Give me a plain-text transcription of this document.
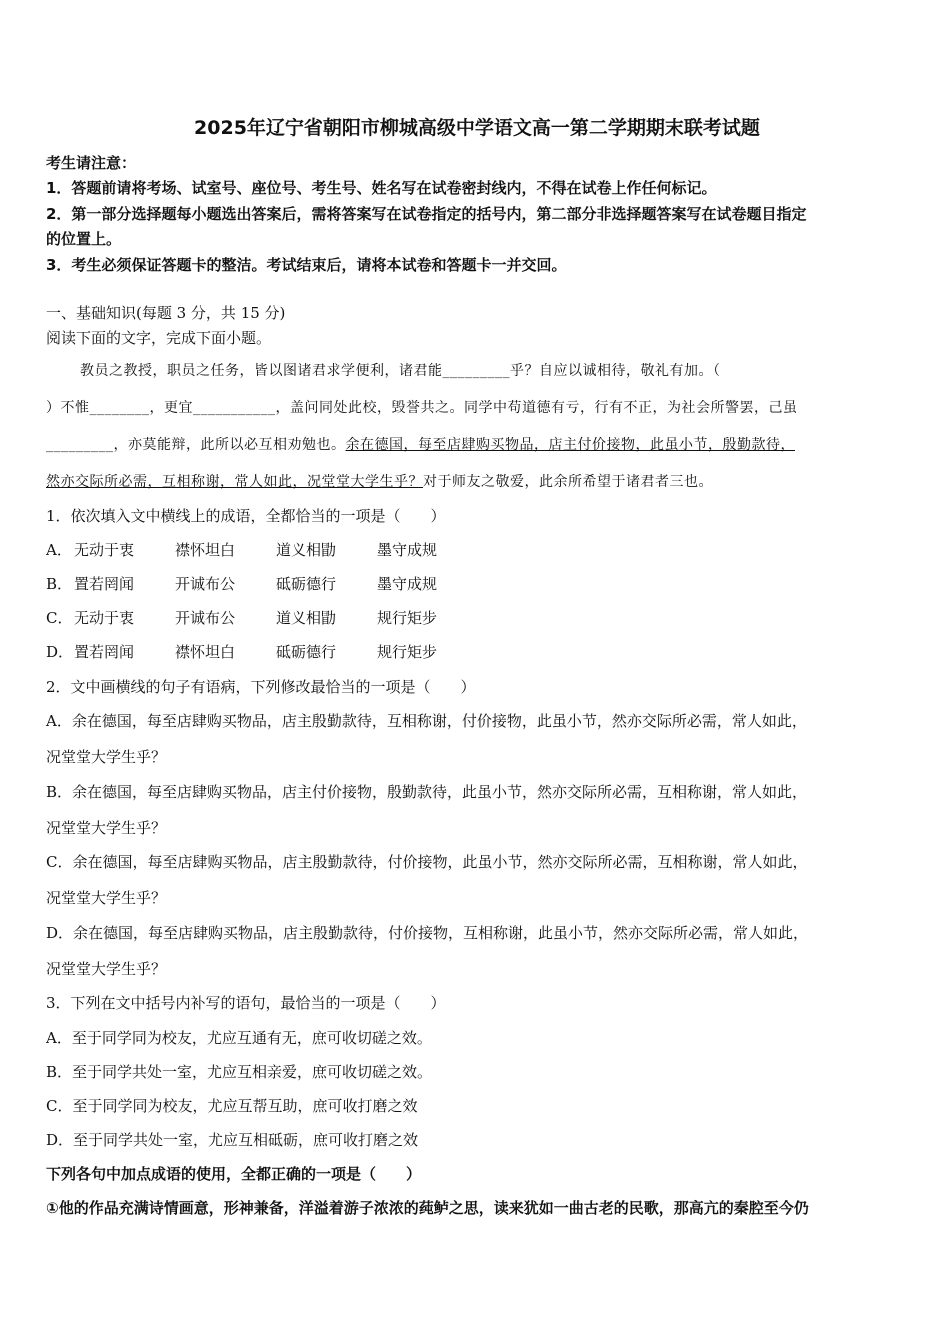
2025年辽宁省朝阳市柳城高级中学语文高一第二学期期末联考试题
考生请注意：
1．答题前请将考场、试室号、座位号、考生号、姓名写在试卷密封线内，不得在试卷上作任何标记。
2．第一部分选择题每小题选出答案后，需将答案写在试卷指定的括号内，第二部分非选择题答案写在试卷题目指定
的位置上。
3．考生必须保证答题卡的整洁。考试结束后，请将本试卷和答题卡一并交回。
一、基础知识(每题 3 分，共 15 分)
阅读下面的文字，完成下面小题。
教员之教授，职员之任务，皆以图诸君求学便利，诸君能_________乎？自应以诚相待，敬礼有加。（
）不惟________，更宜___________，盖问同处此校，毁誉共之。同学中苟道德有亏，行有不正，为社会所警罢，己虽
_________，亦莫能辩，此所以必互相劝勉也。余在德国，每至店肆购买物品，店主付价接物，此虽小节，殷勤款待，
然亦交际所必需，互相称谢，常人如此，况堂堂大学生乎？对于师友之敬爱，此余所希望于诸君者三也。
1．依次填入文中横线上的成语，全都恰当的一项是（　　）
A． 无动于衷	襟怀坦白	道义相勖	墨守成规
B． 置若罔闻	开诚布公	砥砺德行	墨守成规
C． 无动于衷	开诚布公	道义相勖	规行矩步
D．置若罔闻	襟怀坦白	砥砺德行	规行矩步
2．文中画横线的句子有语病，下列修改最恰当的一项是（　　）
A．余在德国，每至店肆购买物品，店主殷勤款待，互相称谢，付价接物，此虽小节，然亦交际所必需，常人如此，
况堂堂大学生乎？
B．余在德国，每至店肆购买物品，店主付价接物，殷勤款待，此虽小节，然亦交际所必需，互相称谢，常人如此，
况堂堂大学生乎？
C．余在德国，每至店肆购买物品，店主殷勤款待，付价接物，此虽小节，然亦交际所必需，互相称谢，常人如此，
况堂堂大学生乎？
D．余在德国，每至店肆购买物品，店主殷勤款待，付价接物，互相称谢，此虽小节，然亦交际所必需，常人如此，
况堂堂大学生乎？
3．下列在文中括号内补写的语句，最恰当的一项是（　　）
A．至于同学同为校友，尤应互通有无，庶可收切磋之效。
B．至于同学共处一室，尤应互相亲爱，庶可收切磋之效。
C．至于同学同为校友，尤应互帮互助，庶可收打磨之效
D．至于同学共处一室，尤应互相砥砺，庶可收打磨之效
下列各句中加点成语的使用，全都正确的一项是（　　）
①他的作品充满诗情画意，形神兼备，洋溢着游子浓浓的莼鲈之思，读来犹如一曲古老的民歌，那高亢的秦腔至今仍
